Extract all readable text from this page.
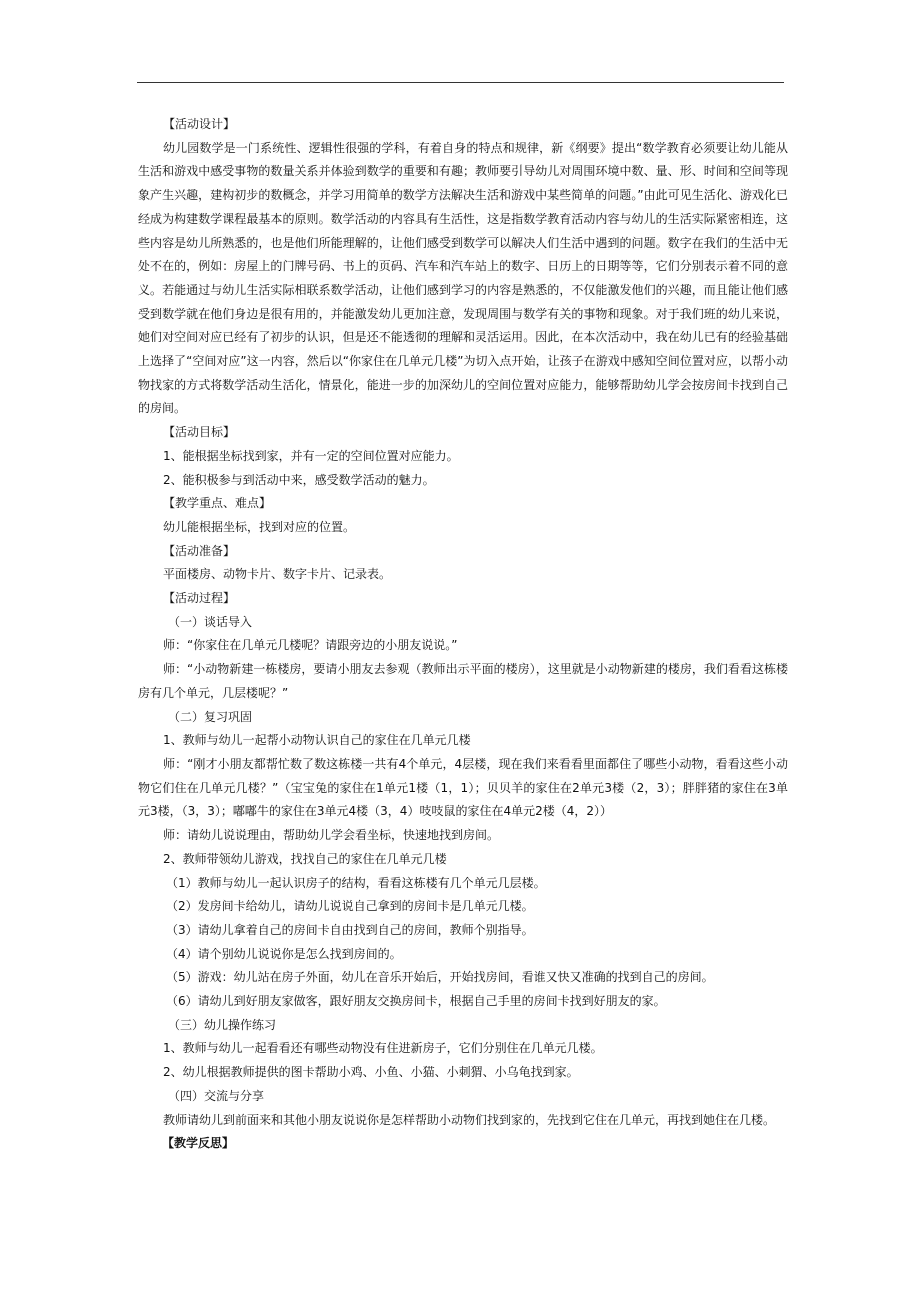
【活动设计】

幼儿园数学是一门系统性、逻辑性很强的学科，有着自身的特点和规律，新《纲要》提出“数学教育必须要让幼儿能从生活和游戏中感受事物的数量关系并体验到数学的重要和有趣；教师要引导幼儿对周围环境中数、量、形、时间和空间等现象产生兴趣，建构初步的数概念，并学习用简单的数学方法解决生活和游戏中某些简单的问题。”由此可见生活化、游戏化已经成为构建数学课程最基本的原则。数学活动的内容具有生活性，这是指数学教育活动内容与幼儿的生活实际紧密相连，这些内容是幼儿所熟悉的，也是他们所能理解的，让他们感受到数学可以解决人们生活中遇到的问题。数字在我们的生活中无处不在的，例如：房屋上的门牌号码、书上的页码、汽车和汽车站上的数字、日历上的日期等等，它们分别表示着不同的意义。若能通过与幼儿生活实际相联系数学活动，让他们感到学习的内容是熟悉的，不仅能激发他们的兴趣，而且能让他们感受到数学就在他们身边是很有用的，并能激发幼儿更加注意，发现周围与数学有关的事物和现象。对于我们班的幼儿来说，她们对空间对应已经有了初步的认识，但是还不能透彻的理解和灵活运用。因此，在本次活动中，我在幼儿已有的经验基础上选择了“空间对应”这一内容，然后以“你家住在几单元几楼”为切入点开始，让孩子在游戏中感知空间位置对应，以帮小动物找家的方式将数学活动生活化，情景化，能进一步的加深幼儿的空间位置对应能力，能够帮助幼儿学会按房间卡找到自己的房间。

【活动目标】

1、能根据坐标找到家，并有一定的空间位置对应能力。

2、能积极参与到活动中来，感受数学活动的魅力。

【教学重点、难点】

幼儿能根据坐标，找到对应的位置。

【活动准备】

平面楼房、动物卡片、数字卡片、记录表。

【活动过程】

（一）谈话导入

师：“你家住在几单元几楼呢？请跟旁边的小朋友说说。”

师：“小动物新建一栋楼房，要请小朋友去参观（教师出示平面的楼房），这里就是小动物新建的楼房，我们看看这栋楼房有几个单元，几层楼呢？”

（二）复习巩固

1、教师与幼儿一起帮小动物认识自己的家住在几单元几楼

师：“刚才小朋友都帮忙数了数这栋楼一共有4个单元，4层楼，现在我们来看看里面都住了哪些小动物，看看这些小动物它们住在几单元几楼？”（宝宝兔的家住在1单元1楼（1，1）；贝贝羊的家住在2单元3楼（2，3）；胖胖猪的家住在3单元3楼，（3，3）；嘟嘟牛的家住在3单元4楼（3，4）吱吱鼠的家住在4单元2楼（4，2））

师：请幼儿说说理由，帮助幼儿学会看坐标，快速地找到房间。

2、教师带领幼儿游戏，找找自己的家住在几单元几楼

（1）教师与幼儿一起认识房子的结构，看看这栋楼有几个单元几层楼。

（2）发房间卡给幼儿，请幼儿说说自己拿到的房间卡是几单元几楼。

（3）请幼儿拿着自己的房间卡自由找到自己的房间，教师个别指导。

（4）请个别幼儿说说你是怎么找到房间的。

（5）游戏：幼儿站在房子外面，幼儿在音乐开始后，开始找房间，看谁又快又准确的找到自己的房间。

（6）请幼儿到好朋友家做客，跟好朋友交换房间卡，根据自己手里的房间卡找到好朋友的家。

（三）幼儿操作练习

1、教师与幼儿一起看看还有哪些动物没有住进新房子，它们分别住在几单元几楼。

2、幼儿根据教师提供的图卡帮助小鸡、小鱼、小猫、小刺猬、小乌龟找到家。

（四）交流与分享

教师请幼儿到前面来和其他小朋友说说你是怎样帮助小动物们找到家的，先找到它住在几单元，再找到她住在几楼。

【教学反思】
